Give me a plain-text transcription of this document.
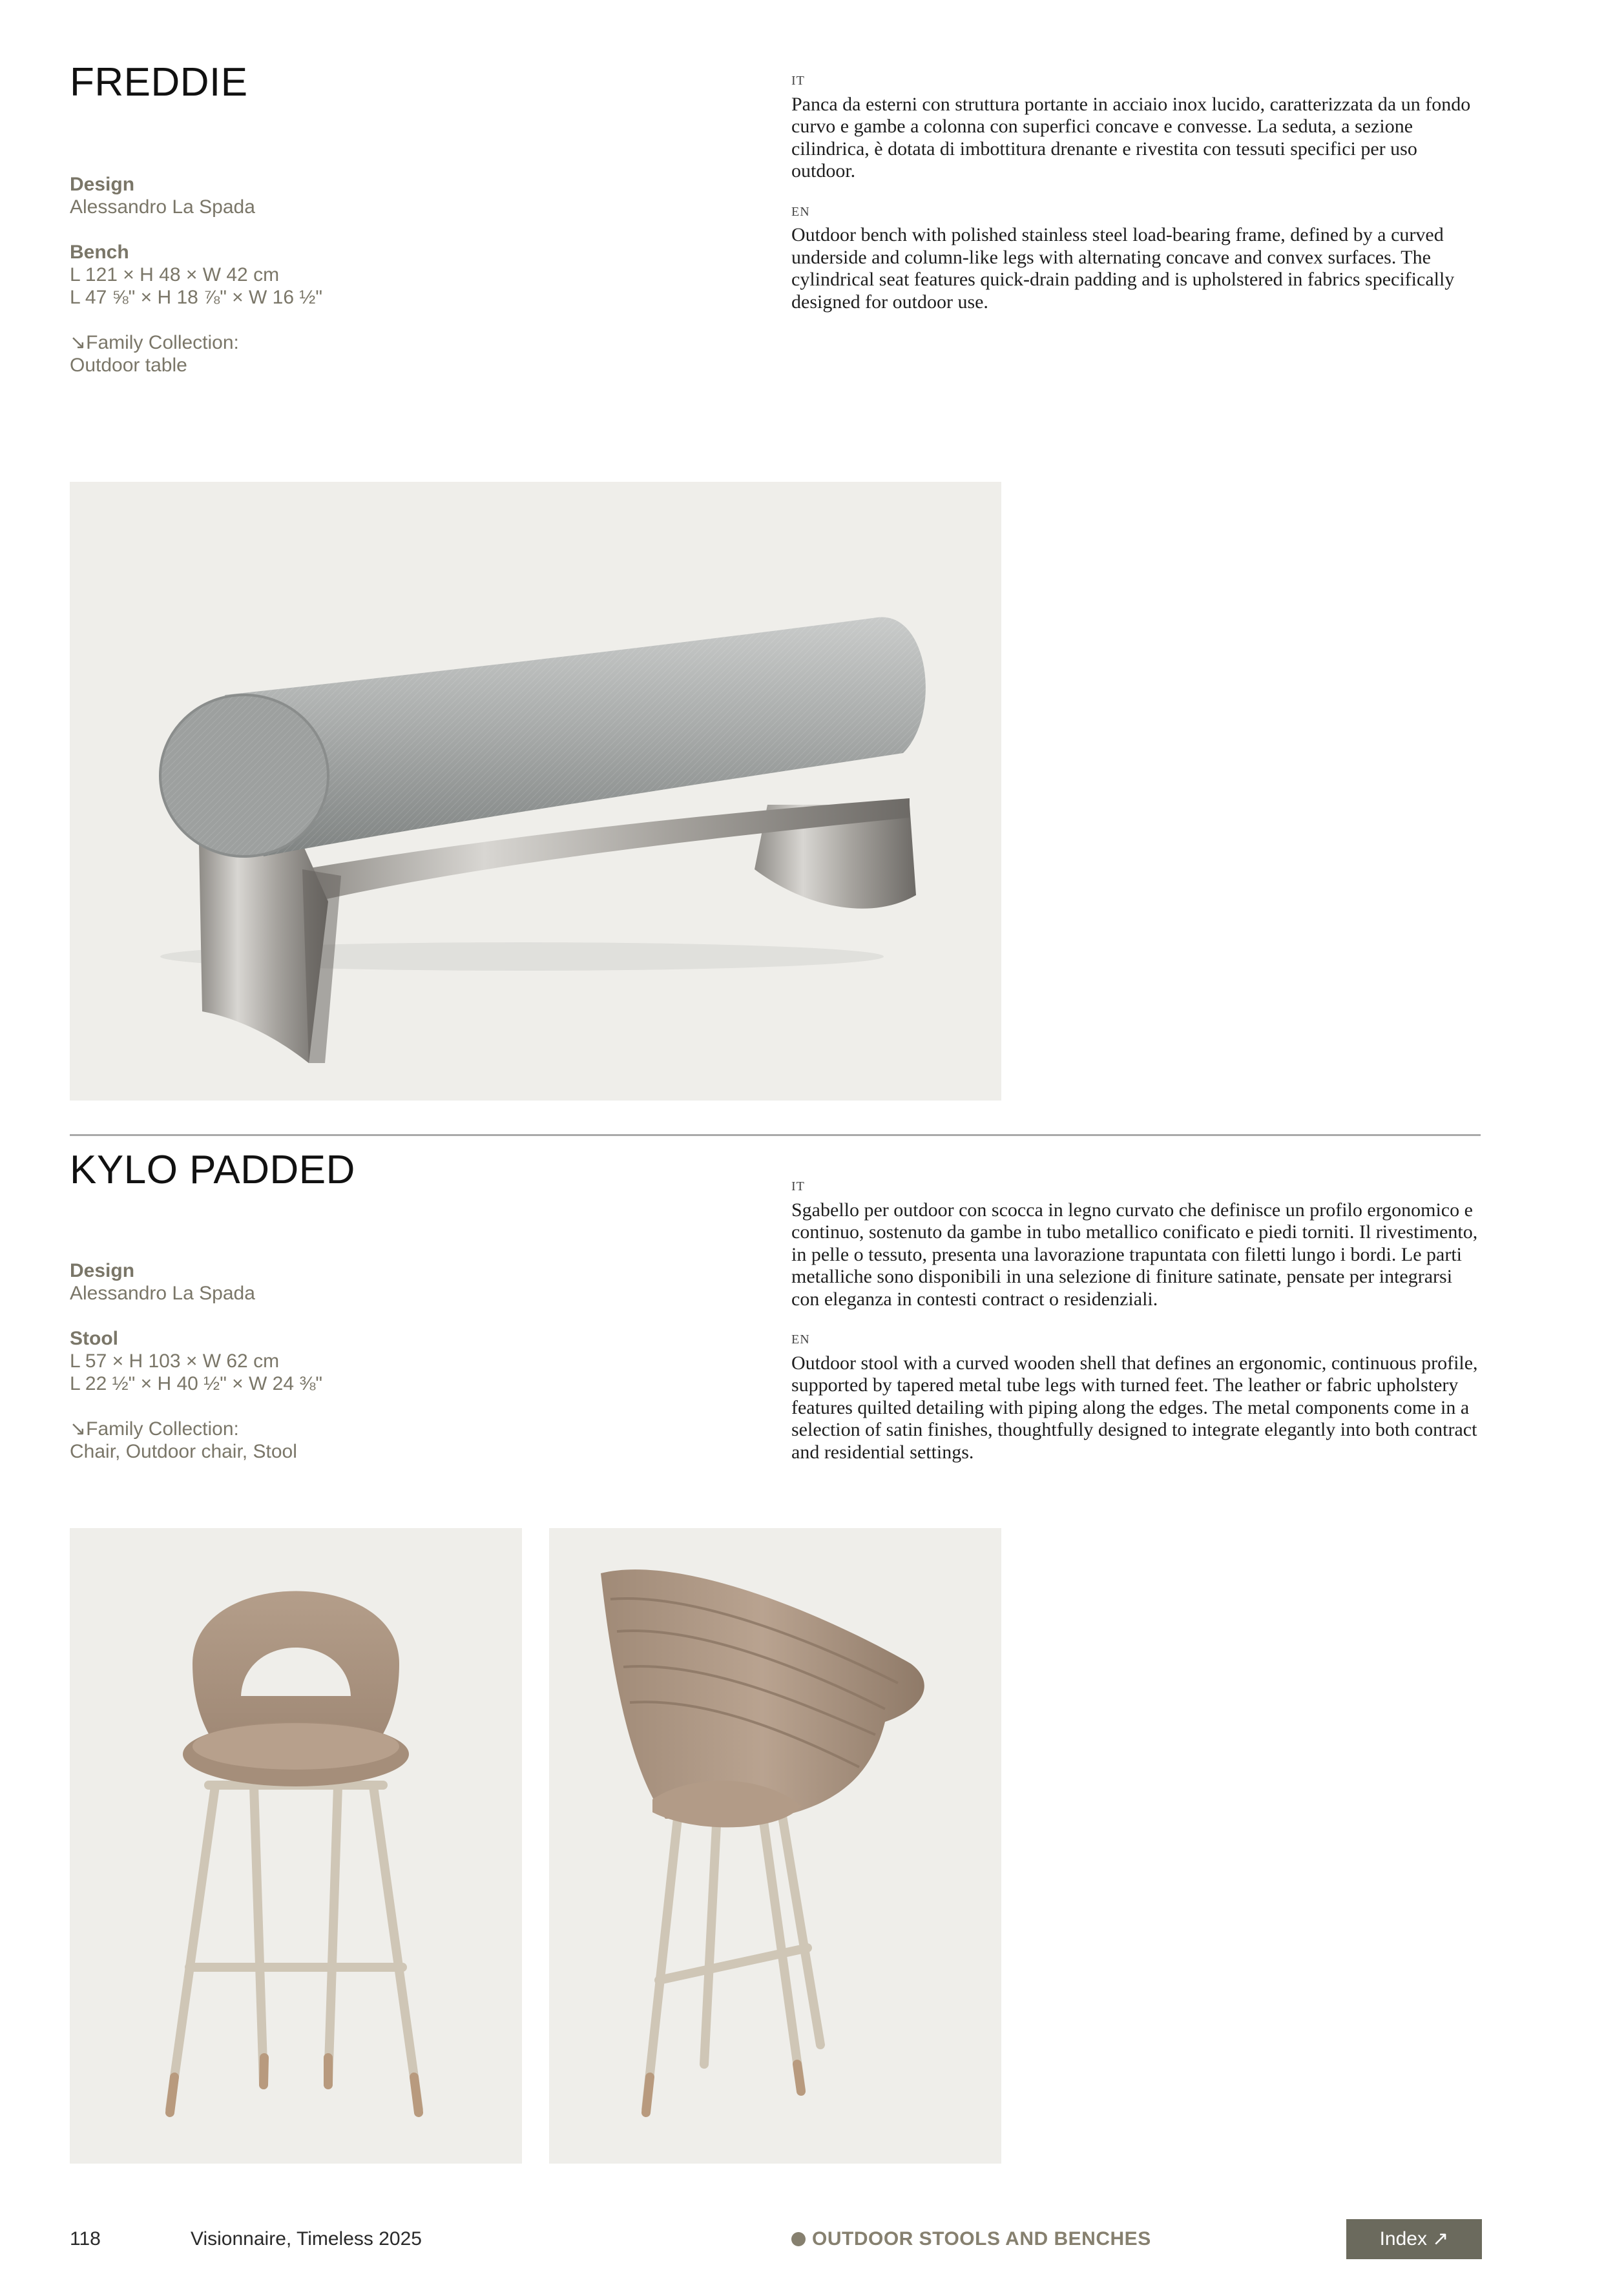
FREDDIE
Design
Alessandro La Spada
Bench
L 121 × H 48 × W 42 cm
L 47 ⅝" × H 18 ⅞" × W 16 ½"
↘Family Collection:
Outdoor table
IT
Panca da esterni con struttura portante in acciaio inox lucido, caratterizzata da un fondo curvo e gambe a colonna con superfici concave e convesse. La seduta, a sezione cilindrica, è dotata di imbottitura drenante e rivestita con tessuti specifici per uso outdoor.
EN
Outdoor bench with polished stainless steel load-bearing frame, defined by a curved underside and column-like legs with alternating concave and convex surfaces. The cylindrical seat features quick-drain padding and is upholstered in fabrics specifically designed for outdoor use.
KYLO PADDED
Design
Alessandro La Spada
Stool
L 57 × H 103 × W 62 cm
L 22 ½" × H 40 ½" × W 24 ⅜"
↘Family Collection:
Chair, Outdoor chair, Stool
IT
Sgabello per outdoor con scocca in legno curvato che definisce un profilo ergonomico e continuo, sostenuto da gambe in tubo metallico conificato e piedi torniti. Il rivestimento, in pelle o tessuto, presenta una lavorazione trapuntata con filetti lungo i bordi. Le parti metalliche sono disponibili in una selezione di finiture satinate, pensate per integrarsi con eleganza in contesti contract o residenziali.
EN
Outdoor stool with a curved wooden shell that defines an ergonomic, continuous profile, supported by tapered metal tube legs with turned feet. The leather or fabric upholstery features quilted detailing with piping along the edges. The metal components come in a selection of satin finishes, thoughtfully designed to integrate elegantly into both contract and residential settings.
118	Visionnaire, Timeless 2025	OUTDOOR STOOLS AND BENCHES	Index ↗
